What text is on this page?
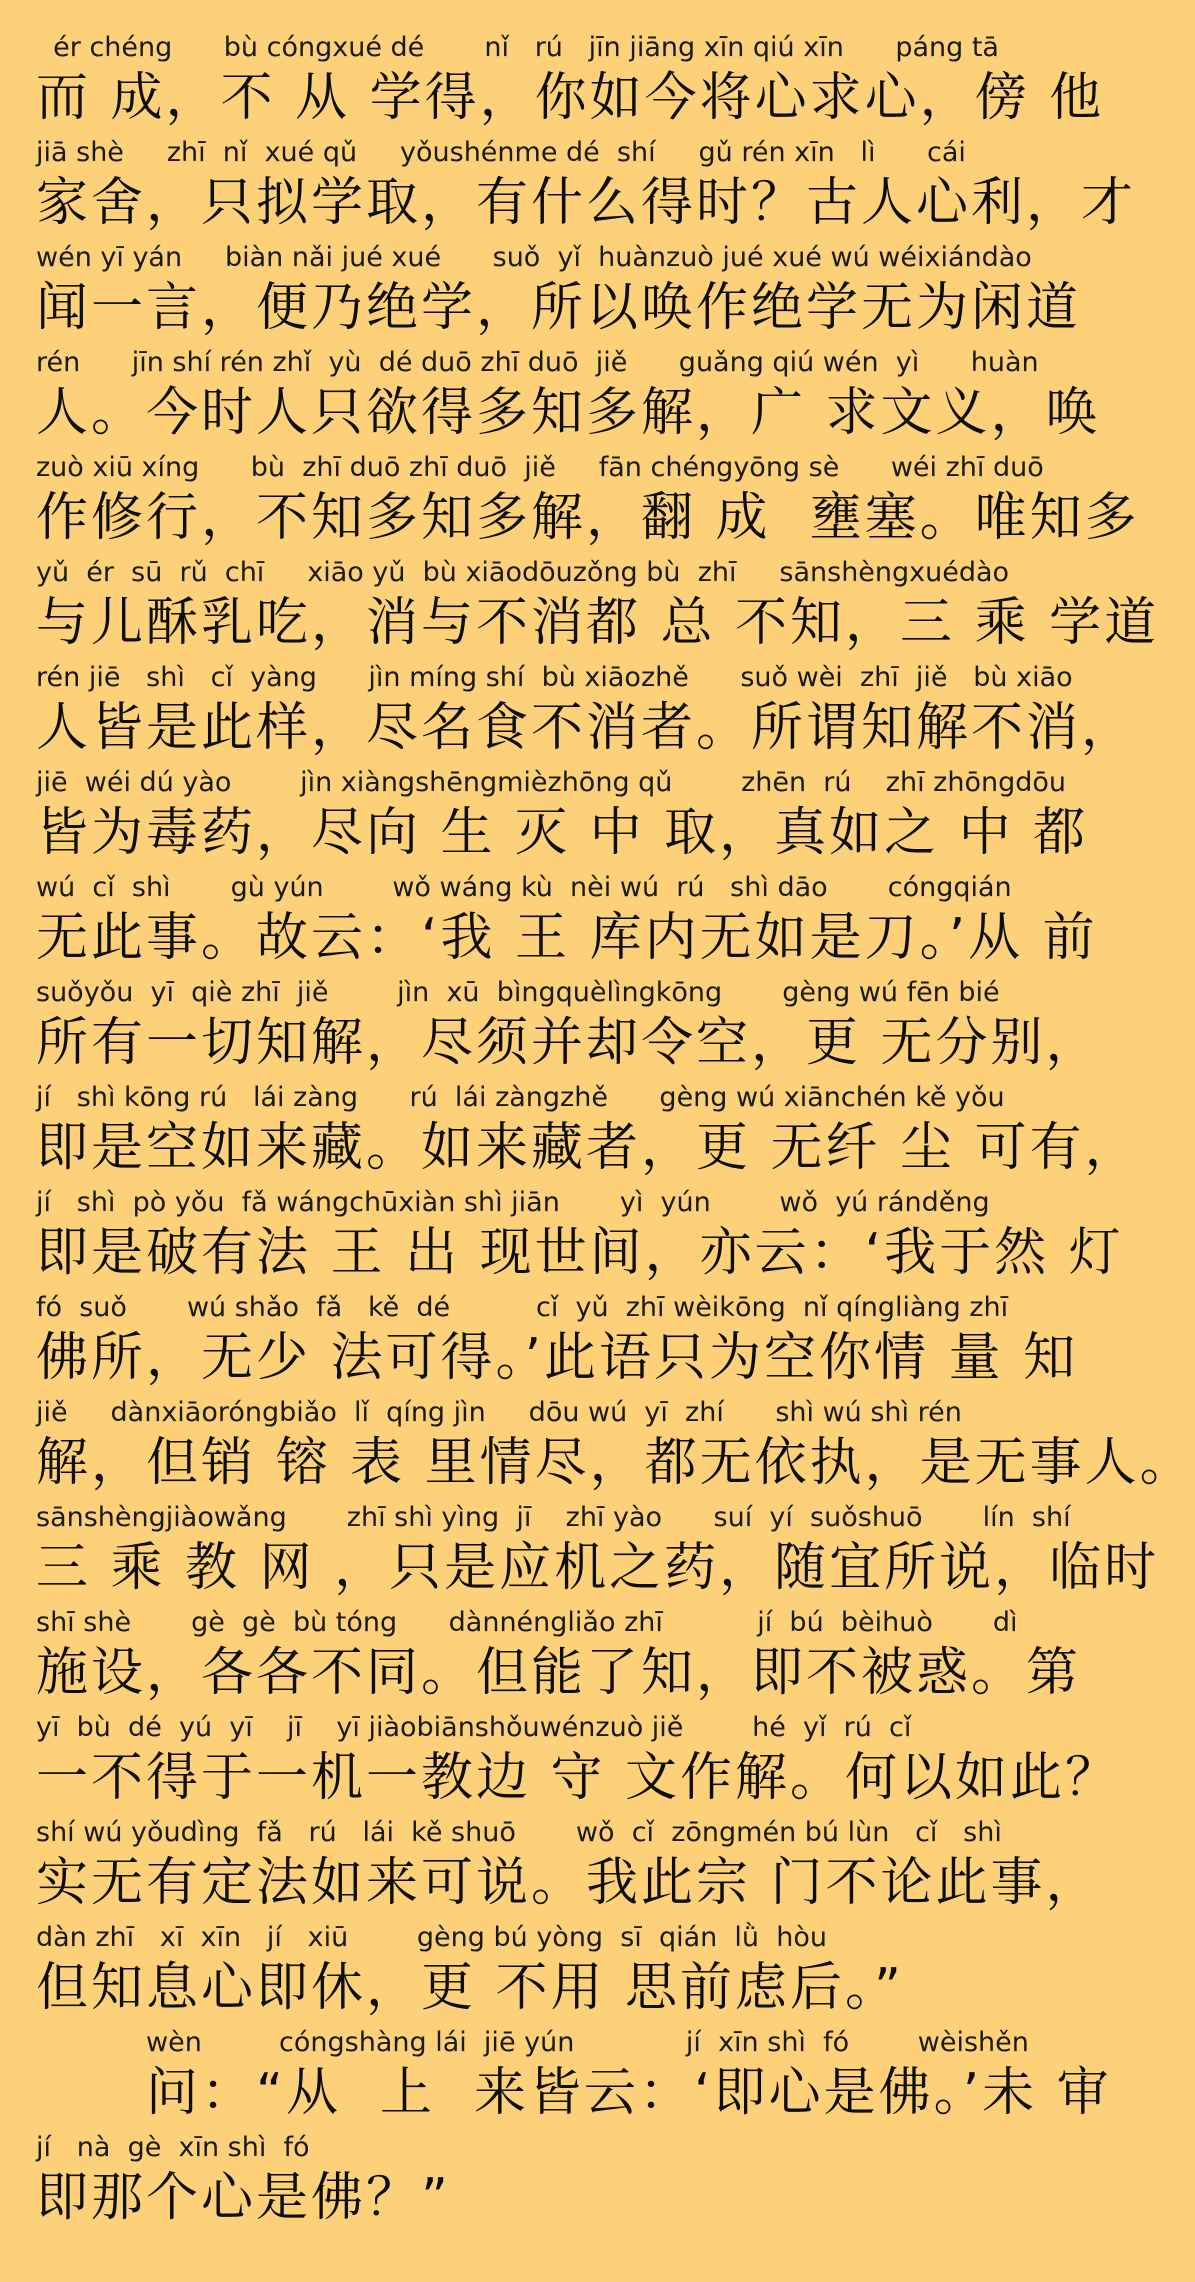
ér chéng      bù cóngxué dé       nǐ   rú   jīn jiāng xīn qiú xīn      páng tā
而 成，不 从 学得，你如今将心求心，傍 他
jiā shè     zhī  nǐ  xué qǔ     yǒushénme dé  shí     gǔ rén xīn   lì      cái
家舍，只拟学取，有什么得时？古人心利，才
wén yī yán     biàn nǎi jué xué      suǒ  yǐ  huànzuò jué xué wú wéixiándào
闻一言，便乃绝学，所以唤作绝学无为闲道
rén      jīn shí rén zhǐ  yù  dé duō zhī duō  jiě      guǎng qiú wén  yì      huàn
人。今时人只欲得多知多解，广 求文义，唤
zuò xiū xíng      bù  zhī duō zhī duō  jiě     fān chéngyōng sè      wéi zhī duō
作修行，不知多知多解，翻 成  壅塞。唯知多
yǔ  ér  sū  rǔ  chī     xiāo yǔ  bù xiāodōuzǒng bù  zhī     sānshèngxuédào
与儿酥乳吃，消与不消都 总 不知，三 乘 学道
rén jiē   shì   cǐ  yàng      jìn míng shí  bù xiāozhě      suǒ wèi  zhī  jiě   bù xiāo
人皆是此样，尽名食不消者。所谓知解不消，
jiē  wéi dú yào        jìn xiàngshēngmièzhōng qǔ        zhēn  rú    zhī zhōngdōu
皆为毒药，尽向 生 灭 中 取，真如之 中 都
wú  cǐ  shì       gù yún        wǒ wáng kù  nèi wú  rú   shì dāo       cóngqián
无此事。故云：‘我 王 库内无如是刀。’从 前
suǒyǒu  yī  qiè zhī  jiě        jìn  xū  bìngquèlìngkōng       gèng wú fēn bié
所有一切知解，尽须并却令空，更 无分别，
jí   shì kōng rú   lái zàng      rú  lái zàngzhě      gèng wú xiānchén kě yǒu
即是空如来藏。如来藏者，更 无纤 尘 可有，
jí   shì  pò yǒu  fǎ wángchūxiàn shì jiān       yì  yún        wǒ  yú ránděng
即是破有法 王 出 现世间，亦云：‘我于然 灯
fó  suǒ       wú shǎo  fǎ   kě  dé          cǐ  yǔ  zhī wèikōng  nǐ qíngliàng zhī
佛所，无少 法可得。’此语只为空你情 量 知
jiě     dànxiāoróngbiǎo  lǐ  qíng jìn     dōu wú  yī  zhí      shì wú shì rén
解，但销 镕 表 里情尽，都无依执，是无事人。
sānshèngjiàowǎng       zhī shì yìng  jī    zhī yào      suí  yí  suǒshuō       lín  shí
三 乘 教 网 ，只是应机之药，随宜所说，临时
shī shè       gè  gè  bù tóng      dànnéngliǎo zhī           jí  bú  bèihuò       dì
施设，各各不同。但能了知，即不被惑。第
yī  bù  dé  yú  yī    jī    yī jiàobiānshǒuwénzuò jiě        hé  yǐ  rú  cǐ
一不得于一机一教边 守 文作解。何以如此？
shí wú yǒudìng  fǎ   rú   lái  kě shuō       wǒ  cǐ  zōngmén bú lùn   cǐ   shì
实无有定法如来可说。我此宗 门不论此事，
dàn zhī   xī  xīn   jí   xiū        gèng bú yòng  sī  qián  lǜ  hòu
但知息心即休，更 不用 思前虑后。”
wèn         cóngshàng lái  jiē yún             jí  xīn shì  fó        wèishěn
问：“从  上  来皆云：‘即心是佛。’未 审
jí   nà  gè  xīn shì  fó
即那个心是佛？”
